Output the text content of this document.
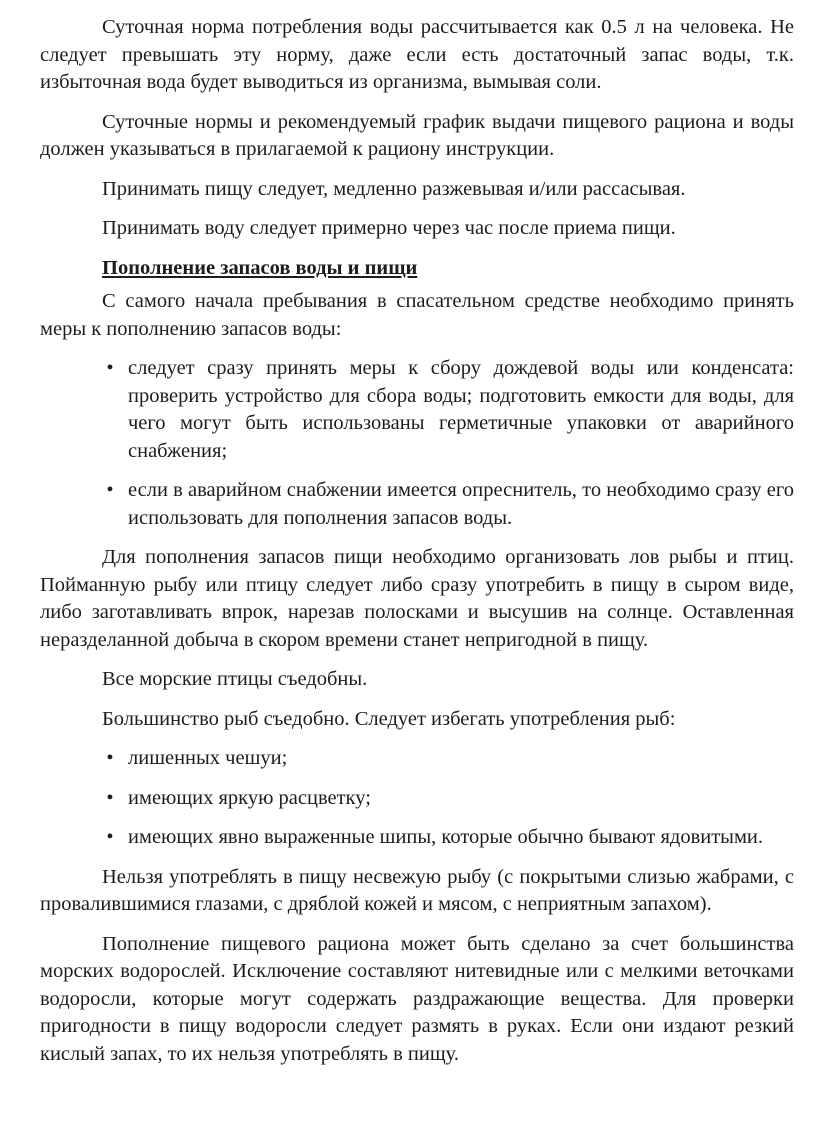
Суточная норма потребления воды рассчитывается как 0.5 л на человека. Не следует превышать эту норму, даже если есть достаточный запас воды, т.к. избыточная вода будет выводиться из организма, вымывая соли.

Суточные нормы и рекомендуемый график выдачи пищевого рациона и воды должен указываться в прилагаемой к рациону инструкции.

Принимать пищу следует, медленно разжевывая и/или рассасывая.

Принимать воду следует примерно через час после приема пищи.

Пополнение запасов воды и пищи

С самого начала пребывания в спасательном средстве необходимо принять меры к пополнению запасов воды:

• следует сразу принять меры к сбору дождевой воды или конденсата: проверить устройство для сбора воды; подготовить емкости для воды, для чего могут быть использованы герметичные упаковки от аварийного снабжения;
• если в аварийном снабжении имеется опреснитель, то необходимо сразу его использовать для пополнения запасов воды.

Для пополнения запасов пищи необходимо организовать лов рыбы и птиц. Пойманную рыбу или птицу следует либо сразу употребить в пищу в сыром виде, либо заготавливать впрок, нарезав полосками и высушив на солнце. Оставленная неразделанной добыча в скором времени станет непригодной в пищу.

Все морские птицы съедобны.

Большинство рыб съедобно. Следует избегать употребления рыб:

• лишенных чешуи;
• имеющих яркую расцветку;
• имеющих явно выраженные шипы, которые обычно бывают ядовитыми.

Нельзя употреблять в пищу несвежую рыбу (с покрытыми слизью жабрами, с провалившимися глазами, с дряблой кожей и мясом, с неприятным запахом).

Пополнение пищевого рациона может быть сделано за счет большинства морских водорослей. Исключение составляют нитевидные или с мелкими веточками водоросли, которые могут содержать раздражающие вещества. Для проверки пригодности в пищу водоросли следует размять в руках. Если они издают резкий кислый запах, то их нельзя употреблять в пищу.
